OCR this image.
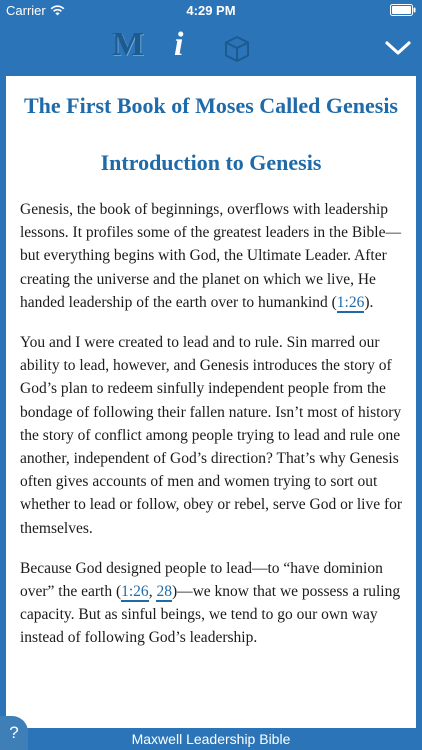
Carrier	4:29 PM
M i
The First Book of Moses Called Genesis
Introduction to Genesis

Genesis, the book of beginnings, overflows with leadership lessons. It profiles some of the greatest leaders in the Bible—but everything begins with God, the Ultimate Leader. After creating the universe and the planet on which we live, He handed leadership of the earth over to humankind (1:26).

You and I were created to lead and to rule. Sin marred our ability to lead, however, and Genesis introduces the story of God’s plan to redeem sinfully independent people from the bondage of following their fallen nature. Isn’t most of history the story of conflict among people trying to lead and rule one another, independent of God’s direction? That’s why Genesis often gives accounts of men and women trying to sort out whether to lead or follow, obey or rebel, serve God or live for themselves.

Because God designed people to lead—to “have dominion over” the earth (1:26, 28)—we know that we possess a ruling capacity. But as sinful beings, we tend to go our own way instead of following God’s leadership.

Maxwell Leadership Bible
?
